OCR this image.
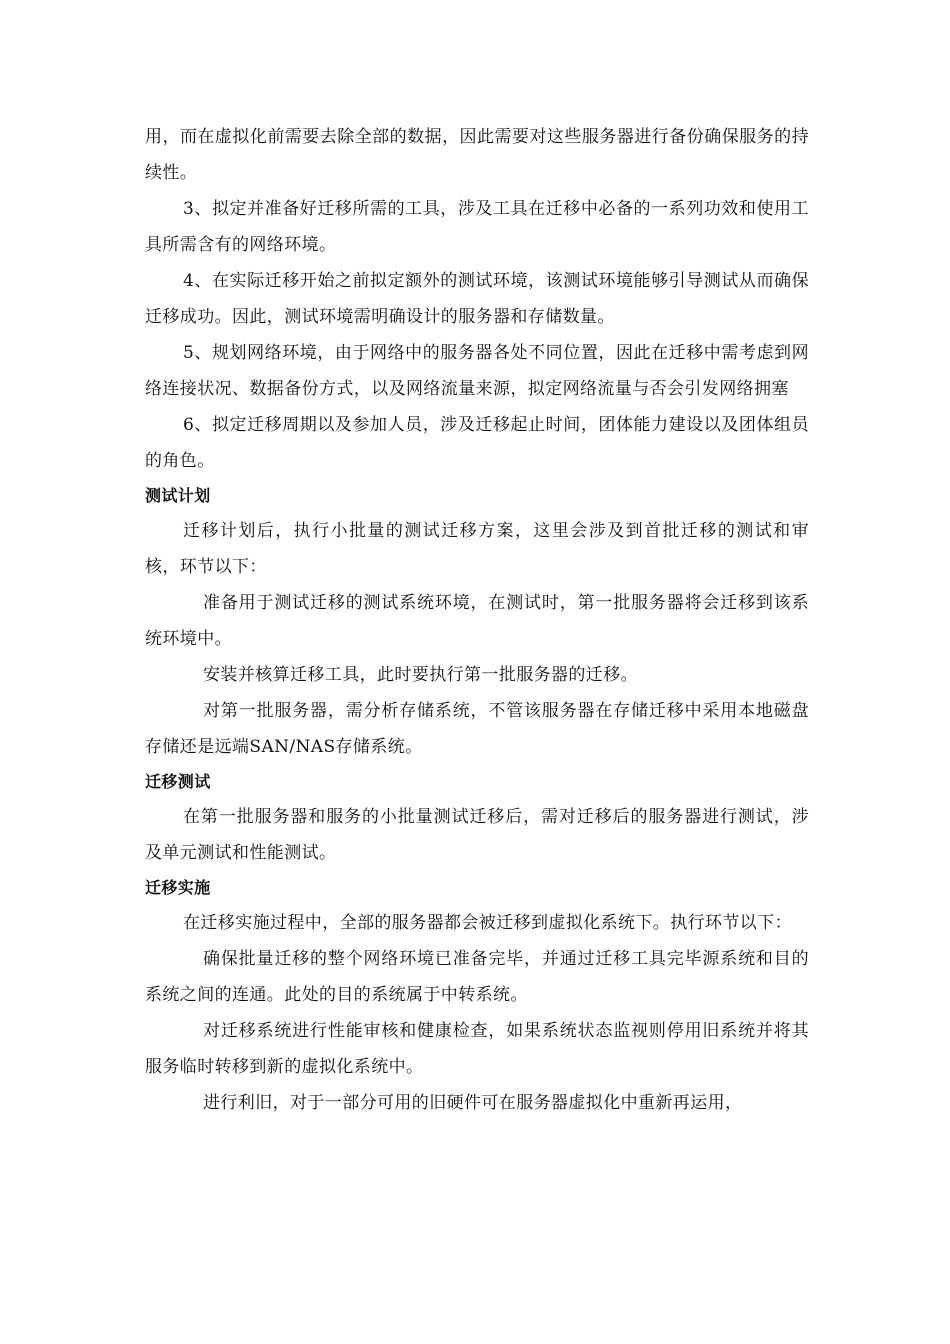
用，而在虚拟化前需要去除全部的数据，因此需要对这些服务器进行备份确保服务的持续性。

3、拟定并准备好迁移所需的工具，涉及工具在迁移中必备的一系列功效和使用工具所需含有的网络环境。

4、在实际迁移开始之前拟定额外的测试环境，该测试环境能够引导测试从而确保迁移成功。因此，测试环境需明确设计的服务器和存储数量。

5、规划网络环境，由于网络中的服务器各处不同位置，因此在迁移中需考虑到网络连接状况、数据备份方式，以及网络流量来源，拟定网络流量与否会引发网络拥塞

6、拟定迁移周期以及参加人员，涉及迁移起止时间，团体能力建设以及团体组员的角色。

测试计划

迁移计划后，执行小批量的测试迁移方案，这里会涉及到首批迁移的测试和审核，环节以下：

准备用于测试迁移的测试系统环境，在测试时，第一批服务器将会迁移到该系统环境中。

安装并核算迁移工具，此时要执行第一批服务器的迁移。

对第一批服务器，需分析存储系统，不管该服务器在存储迁移中采用本地磁盘存储还是远端SAN/NAS存储系统。

迁移测试

在第一批服务器和服务的小批量测试迁移后，需对迁移后的服务器进行测试，涉及单元测试和性能测试。

迁移实施

在迁移实施过程中，全部的服务器都会被迁移到虚拟化系统下。执行环节以下：

确保批量迁移的整个网络环境已准备完毕，并通过迁移工具完毕源系统和目的系统之间的连通。此处的目的系统属于中转系统。

对迁移系统进行性能审核和健康检查，如果系统状态监视则停用旧系统并将其服务临时转移到新的虚拟化系统中。

进行利旧，对于一部分可用的旧硬件可在服务器虚拟化中重新再运用，
